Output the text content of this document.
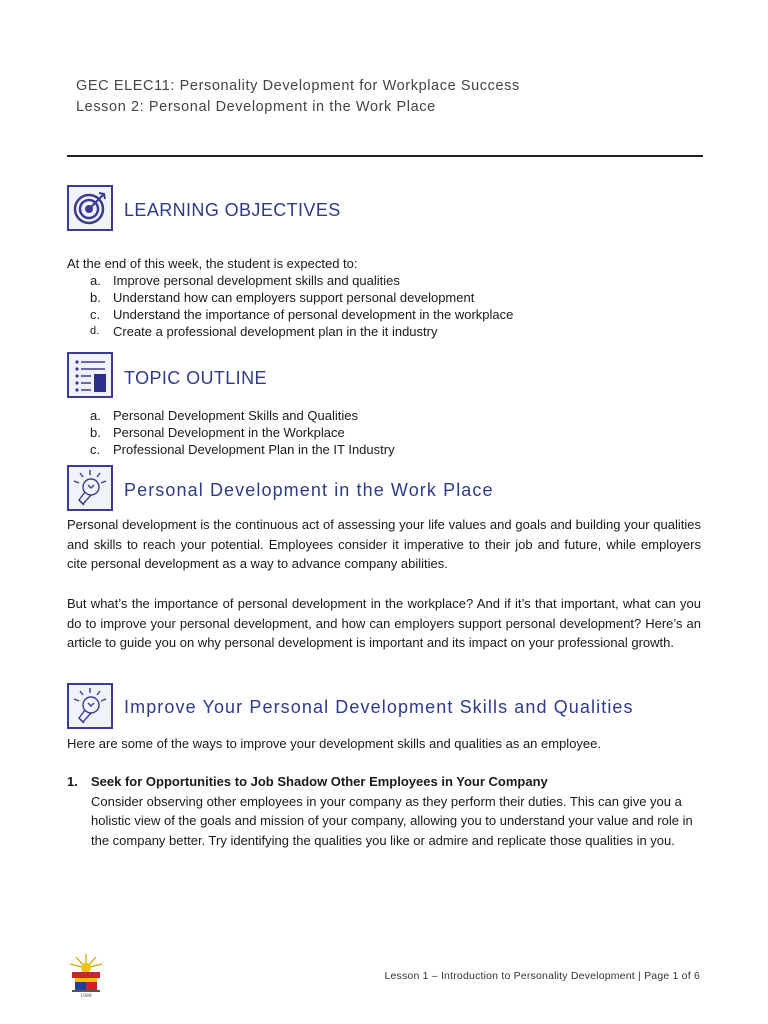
GEC ELEC11: Personality Development for Workplace Success
Lesson 2: Personal Development in the Work Place
LEARNING OBJECTIVES
At the end of this week, the student is expected to:
a. Improve personal development skills and qualities
b. Understand how can employers support personal development
c. Understand the importance of personal development in the workplace
d. Create a professional development plan in the it industry
TOPIC OUTLINE
a. Personal Development Skills and Qualities
b. Personal Development in the Workplace
c. Professional Development Plan in the IT Industry
Personal Development in the Work Place

Personal development is the continuous act of assessing your life values and goals and building your qualities and skills to reach your potential. Employees consider it imperative to their job and future, while employers cite personal development as a way to advance company abilities.

But what’s the importance of personal development in the workplace? And if it’s that important, what can you do to improve your personal development, and how can employers support personal development? Here’s an article to guide you on why personal development is important and its impact on your professional growth.

Improve Your Personal Development Skills and Qualities
Here are some of the ways to improve your development skills and qualities as an employee.
1.	Seek for Opportunities to Job Shadow Other Employees in Your Company

Consider observing other employees in your company as they perform their duties. This can give you a holistic view of the goals and mission of your company, allowing you to understand your value and role in the company better. Try identifying the qualities you like or admire and replicate those qualities in you.

1988
Lesson 1 – Introduction to Personality Development | Page 1 of 6
